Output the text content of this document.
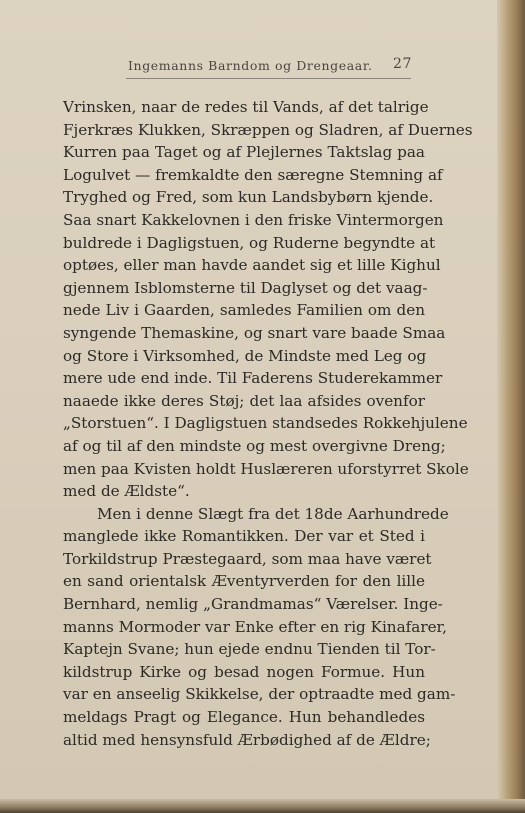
Ingemanns Barndom og Drengeaar. 27
Vrinsken, naar de redes til Vands, af det talrige
Fjerkræs Klukken, Skræppen og Sladren, af Duernes
Kurren paa Taget og af Plejlernes Taktslag paa
Logulvet — fremkaldte den særegne Stemning af
Tryghed og Fred, som kun Landsbybørn kjende.
Saa snart Kakkelovnen i den friske Vintermorgen
buldrede i Dagligstuen, og Ruderne begyndte at
optøes, eller man havde aandet sig et lille Kighul
gjennem Isblomsterne til Daglyset og det vaag-
nede Liv i Gaarden, samledes Familien om den
syngende Themaskine, og snart vare baade Smaa
og Store i Virksomhed, de Mindste med Leg og
mere ude end inde. Til Faderens Studerekammer
naaede ikke deres Støj; det laa afsides ovenfor
„Storstuen“. I Dagligstuen standsedes Rokkehjulene
af og til af den mindste og mest overgivne Dreng;
men paa Kvisten holdt Huslæreren uforstyrret Skole
med de Ældste“.
Men i denne Slægt fra det 18de Aarhundrede
manglede ikke Romantikken. Der var et Sted i
Torkildstrup Præstegaard, som maa have været
en sand orientalsk Æventyrverden for den lille
Bernhard, nemlig „Grandmamas“ Værelser. Inge-
manns Mormoder var Enke efter en rig Kinafarer,
Kaptejn Svane; hun ejede endnu Tienden til Tor-
kildstrup Kirke og besad nogen Formue. Hun
var en anseelig Skikkelse, der optraadte med gam-
meldags Pragt og Elegance. Hun behandledes
altid med hensynsfuld Ærbødighed af de Ældre;
